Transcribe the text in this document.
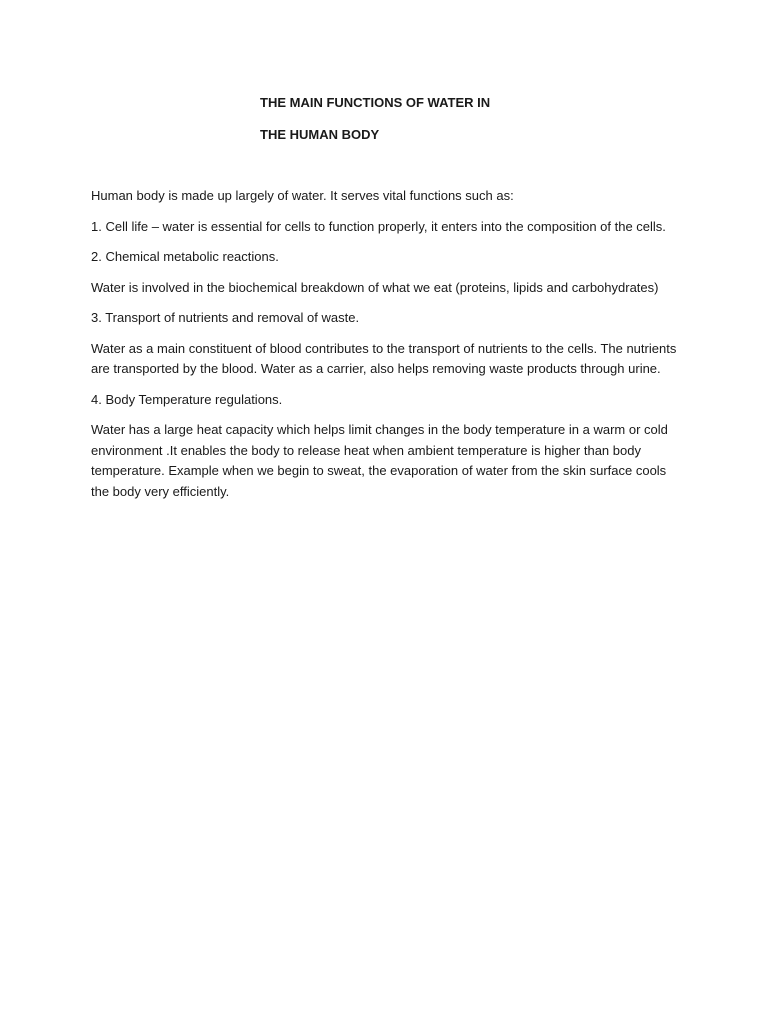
THE MAIN FUNCTIONS OF WATER IN
THE HUMAN BODY

Human body is made up largely of water. It serves vital functions such as:

1. Cell life – water is essential for cells to function properly, it enters into the composition of the cells.

2. Chemical metabolic reactions.

Water is involved in the biochemical breakdown of what we eat (proteins, lipids and carbohydrates)

3. Transport of nutrients and removal of waste.

Water as a main constituent of blood contributes to the transport of nutrients to the cells. The nutrients are transported by the blood. Water as a carrier, also helps removing waste products through urine.

4. Body Temperature regulations.

Water has a large heat capacity which helps limit changes in the body temperature in a warm or cold environment .It enables the body to release heat when ambient temperature is higher than body temperature. Example when we begin to sweat, the evaporation of water from the skin surface cools the body very efficiently.
